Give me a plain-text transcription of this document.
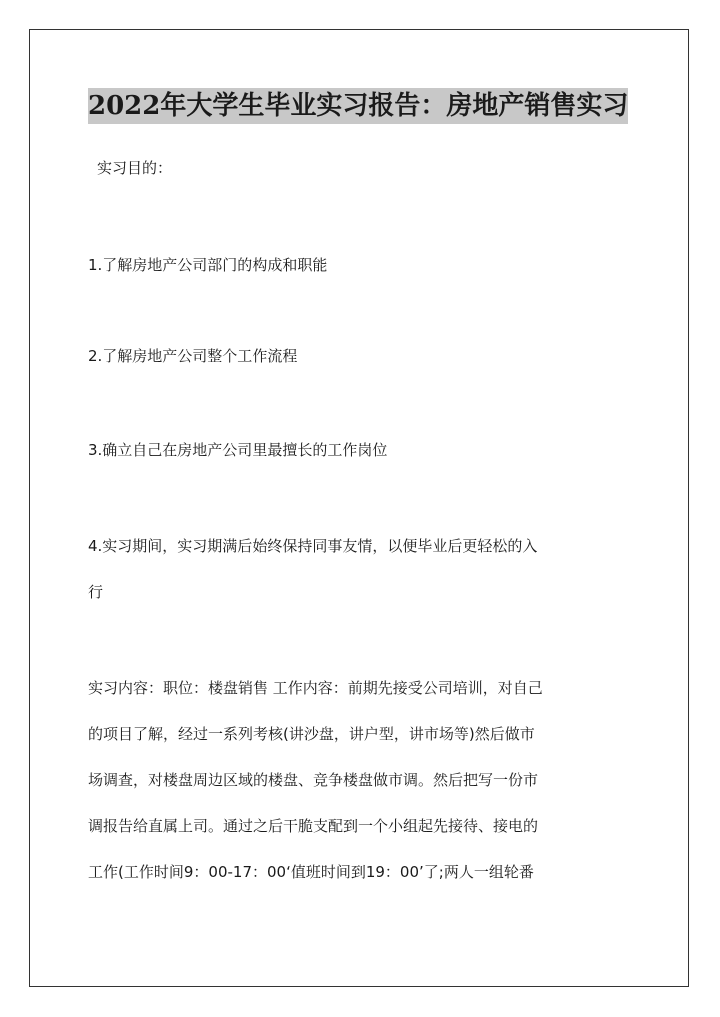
2022年大学生毕业实习报告：房地产销售实习
实习目的：
1.了解房地产公司部门的构成和职能
2.了解房地产公司整个工作流程
3.确立自己在房地产公司里最擅长的工作岗位
4.实习期间，实习期满后始终保持同事友情，以便毕业后更轻松的入
行
实习内容：职位：楼盘销售 工作内容：前期先接受公司培训，对自己
的项目了解，经过一系列考核(讲沙盘，讲户型，讲市场等)然后做市
场调查，对楼盘周边区域的楼盘、竞争楼盘做市调。然后把写一份市
调报告给直属上司。通过之后干脆支配到一个小组起先接待、接电的
工作(工作时间9：00-17：00‘值班时间到19：00’了;两人一组轮番
